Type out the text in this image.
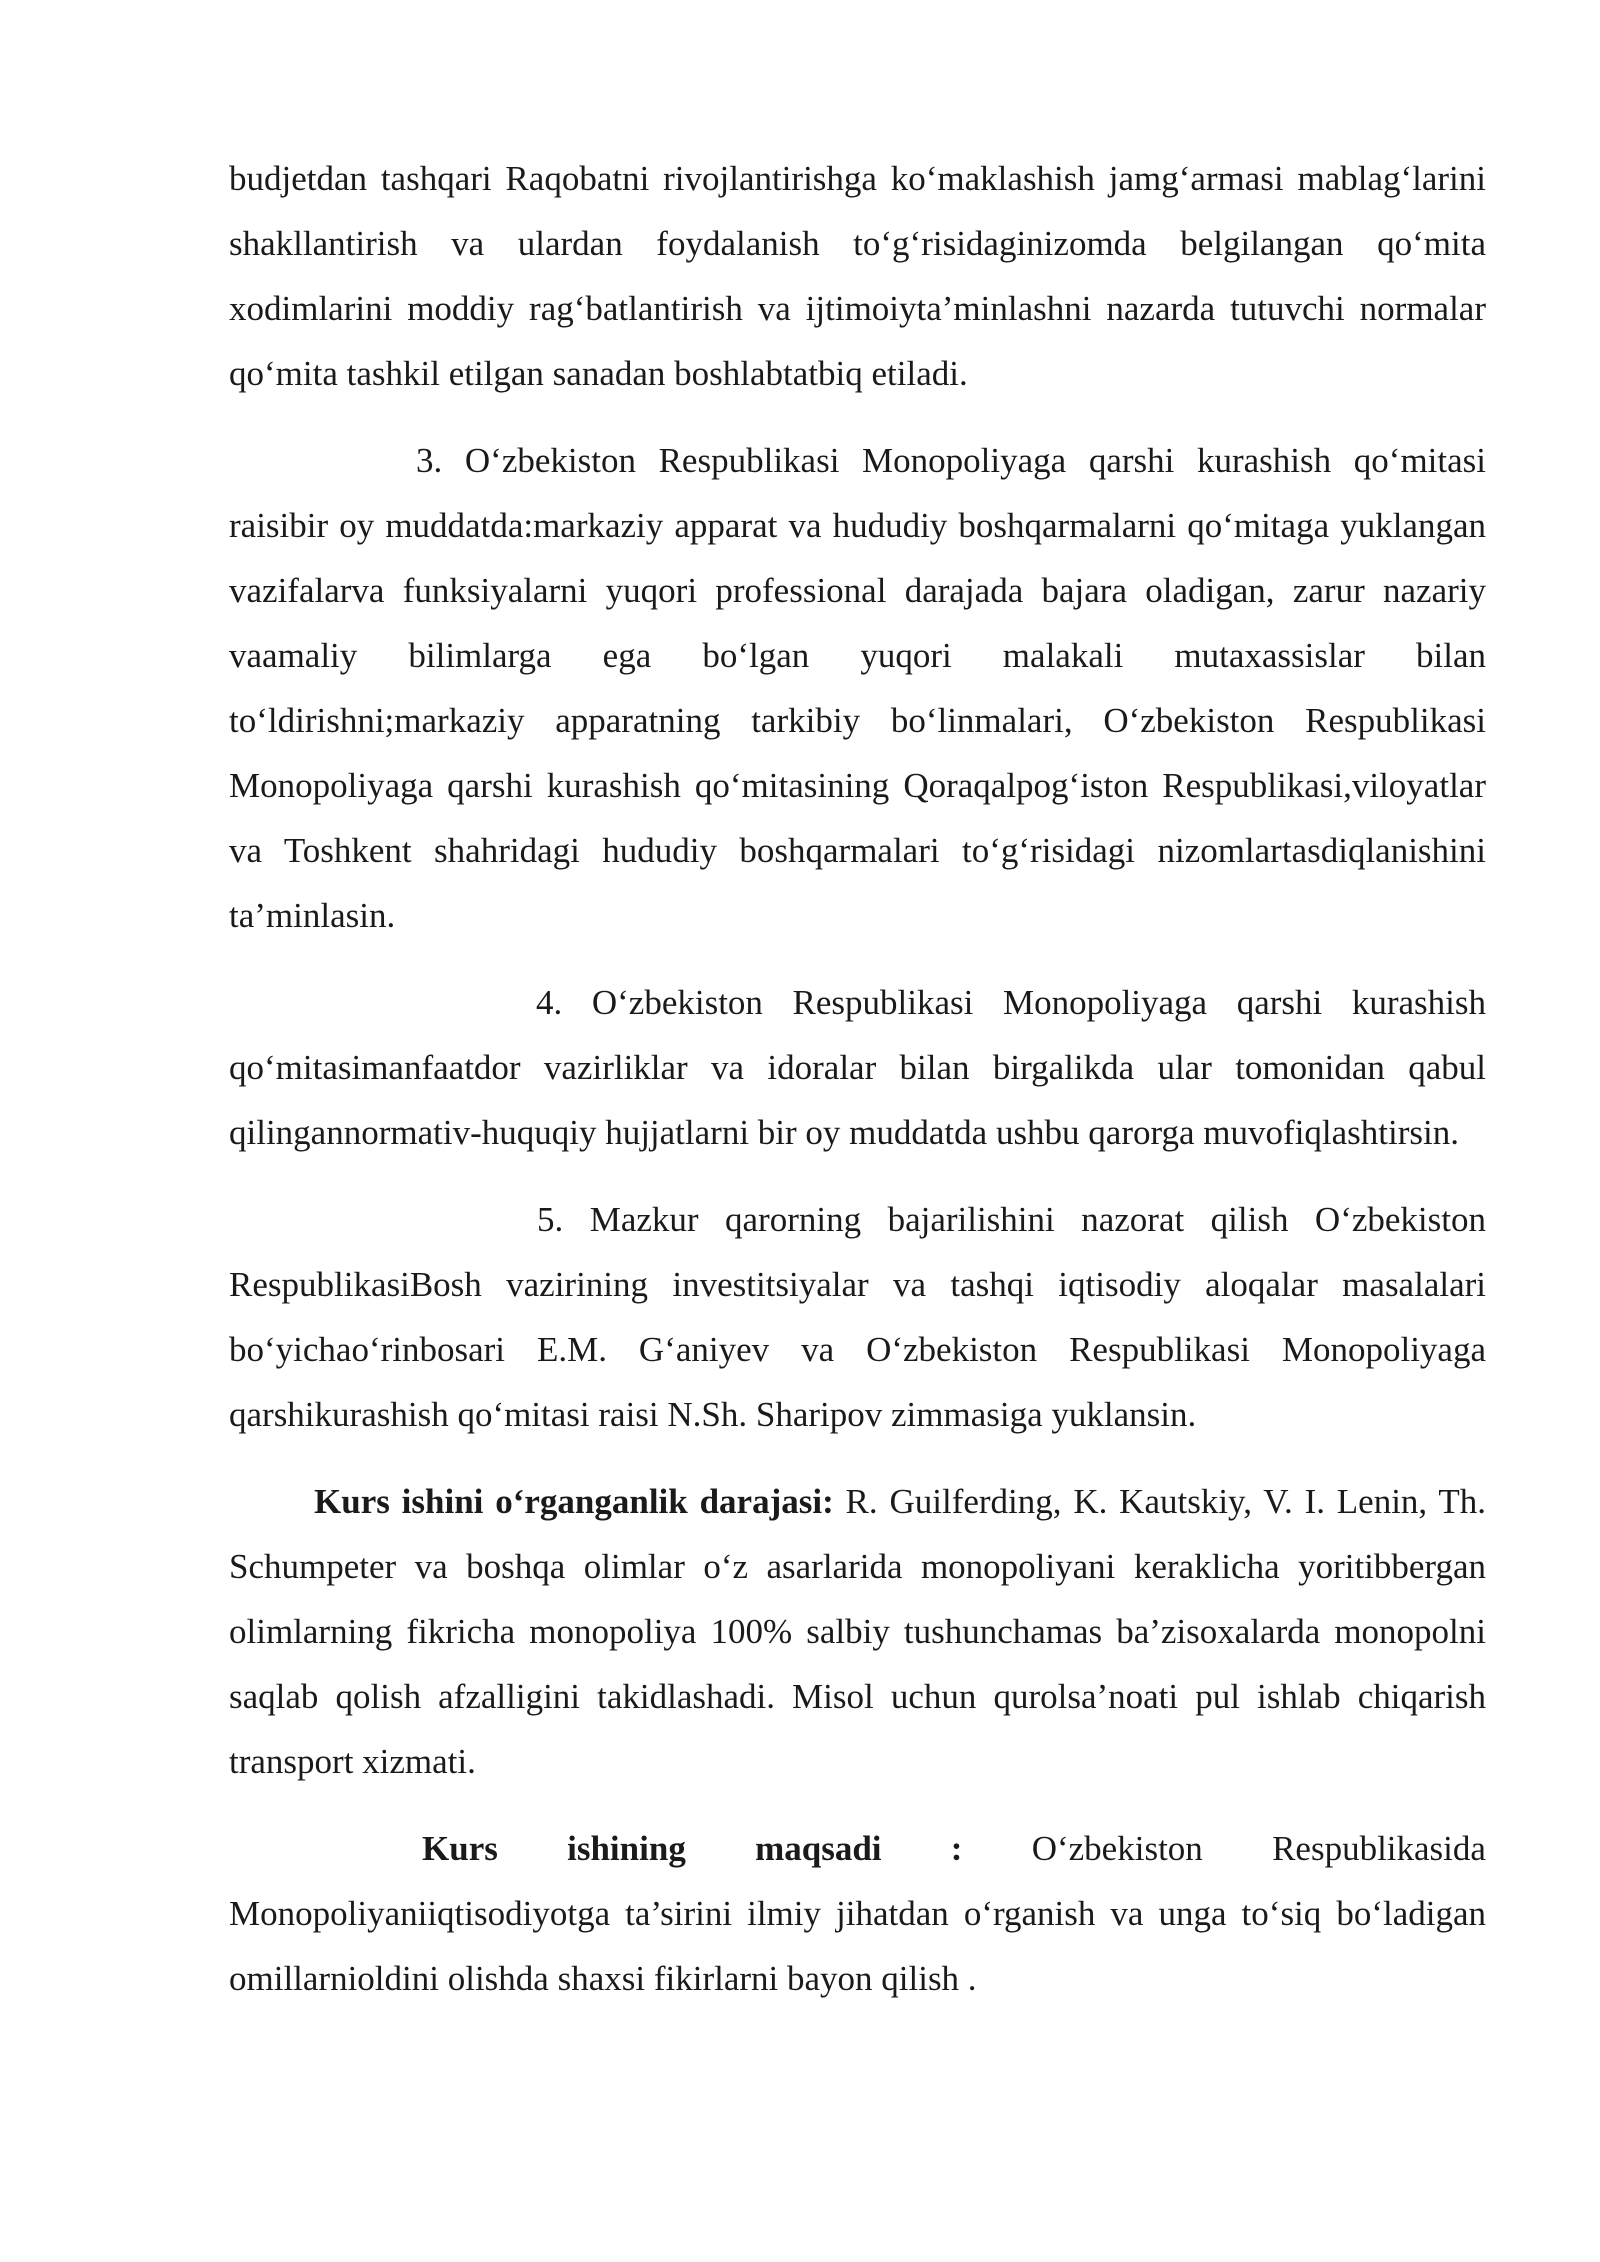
budjetdan tashqari Raqobatni rivojlantirishga ko‘maklashish jamg‘armasi mablag‘larini shakllantirish va ulardan foydalanish to‘g‘risidaginizomda belgilangan qo‘mita xodimlarini moddiy rag‘batlantirish va ijtimoiyta’minlashni nazarda tutuvchi normalar qo‘mita tashkil etilgan sanadan boshlabtatbiq etiladi.

3. O‘zbekiston Respublikasi Monopoliyaga qarshi kurashish qo‘mitasi raisibir oy muddatda:markaziy apparat va hududiy boshqarmalarni qo‘mitaga yuklangan vazifalarva funksiyalarni yuqori professional darajada bajara oladigan, zarur nazariy vaamaliy bilimlarga ega bo‘lgan yuqori malakali mutaxassislar bilan to‘ldirishni;markaziy apparatning tarkibiy bo‘linmalari, O‘zbekiston Respublikasi Monopoliyaga qarshi kurashish qo‘mitasining Qoraqalpog‘iston Respublikasi,viloyatlar va Toshkent shahridagi hududiy boshqarmalari to‘g‘risidagi nizomlartasdiqlanishini ta’minlasin.

4. O‘zbekiston Respublikasi Monopoliyaga qarshi kurashish qo‘mitasimanfaatdor vazirliklar va idoralar bilan birgalikda ular tomonidan qabul qilingannormativ-huquqiy hujjatlarni bir oy muddatda ushbu qarorga muvofiqlashtirsin.

5. Mazkur qarorning bajarilishini nazorat qilish O‘zbekiston RespublikasiBosh vazirining investitsiyalar va tashqi iqtisodiy aloqalar masalalari bo‘yichao‘rinbosari E.M. G‘aniyev va O‘zbekiston Respublikasi Monopoliyaga qarshikurashish qo‘mitasi raisi N.Sh. Sharipov zimmasiga yuklansin.

Kurs ishini o‘rganganlik darajasi: R. Guilferding, K. Kautskiy, V. I. Lenin, Th. Schumpeter va boshqa olimlar o‘z asarlarida monopoliyani keraklicha yoritibbergan olimlarning fikricha monopoliya 100% salbiy tushunchamas ba’zisoxalarda monopolni saqlab qolish afzalligini takidlashadi. Misol uchun qurolsa’noati pul ishlab chiqarish transport xizmati.

Kurs ishining maqsadi : O‘zbekiston Respublikasida

Monopoliyaniiqtisodiyotga ta’sirini ilmiy jihatdan o‘rganish va unga to‘siq bo‘ladigan omillarnioldini olishda shaxsi fikirlarni bayon qilish .
